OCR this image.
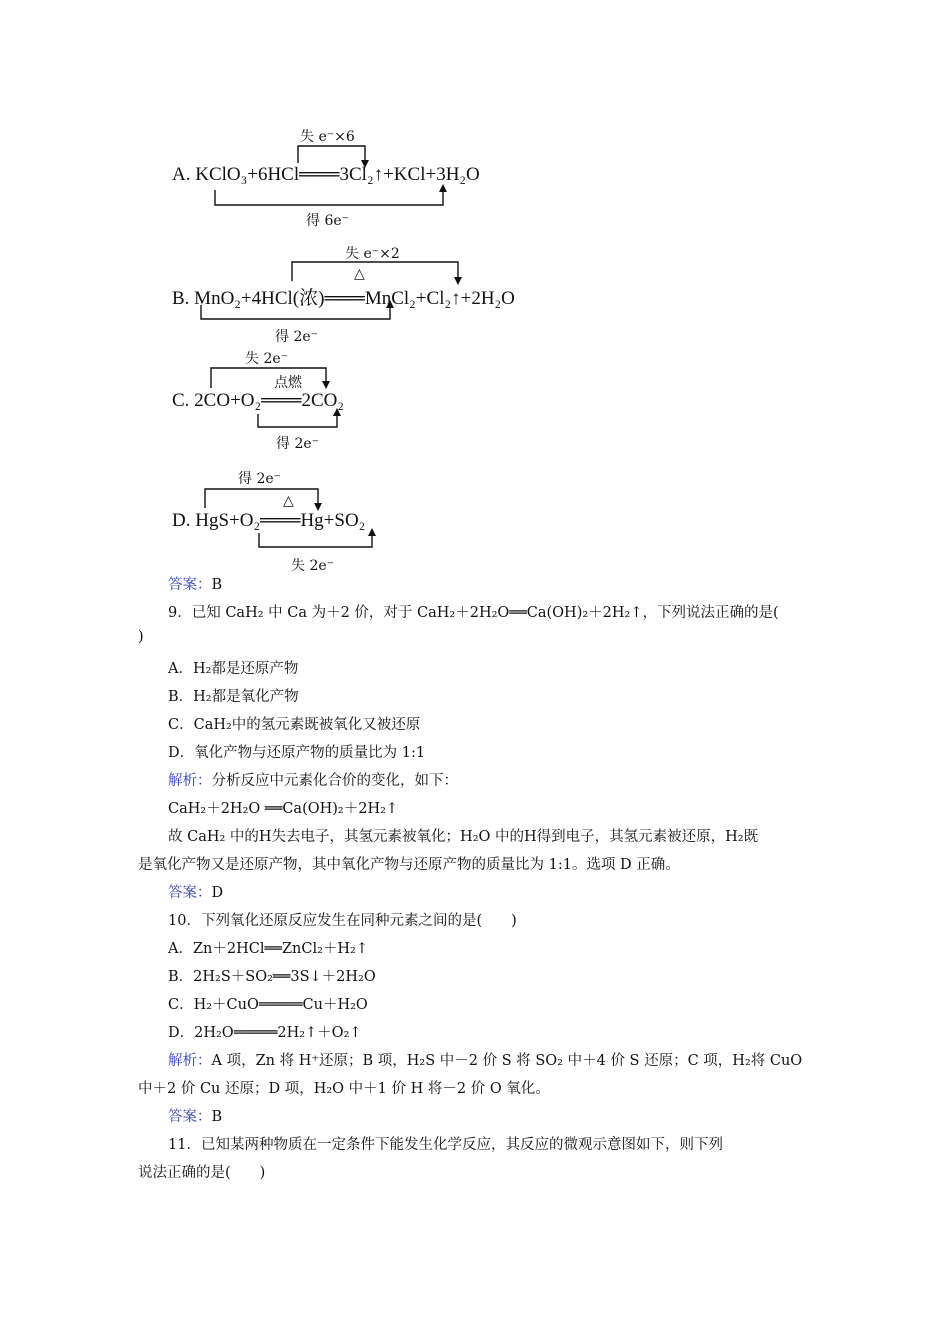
失 e⁻×6
A. KClO₃+6HCl═══3Cl₂↑+KCl+3H₂O
得 6e⁻
失 e⁻×2
△
B. MnO₂+4HCl(浓)═══MnCl₂+Cl₂↑+2H₂O
得 2e⁻
失 2e⁻
点燃
C. 2CO+O₂═══2CO₂
得 2e⁻
得 2e⁻
△
D. HgS+O₂═══Hg+SO₂
失 2e⁻
答案：B
9．已知 CaH₂ 中 Ca 为＋2 价，对于 CaH₂＋2H₂O══Ca(OH)₂＋2H₂↑，下列说法正确的是(
)
A．H₂都是还原产物
B．H₂都是氧化产物
C．CaH₂中的氢元素既被氧化又被还原
D．氧化产物与还原产物的质量比为 1:1
解析：分析反应中元素化合价的变化，如下：
CaH₂＋2H₂O ══Ca(OH)₂＋2H₂↑
故 CaH₂ 中的H失去电子，其氢元素被氧化；H₂O 中的H得到电子，其氢元素被还原，H₂既
是氧化产物又是还原产物，其中氧化产物与还原产物的质量比为 1:1。选项 D 正确。
答案：D
10．下列氧化还原反应发生在同种元素之间的是(　　)
A．Zn＋2HCl══ZnCl₂＋H₂↑
B．2H₂S＋SO₂══3S↓＋2H₂O
C．H₂＋CuO═════Cu＋H₂O
D．2H₂O═════2H₂↑＋O₂↑
解析：A 项，Zn 将 H⁺还原；B 项，H₂S 中－2 价 S 将 SO₂ 中＋4 价 S 还原；C 项，H₂将 CuO
中＋2 价 Cu 还原；D 项，H₂O 中＋1 价 H 将－2 价 O 氧化。
答案：B
11．已知某两种物质在一定条件下能发生化学反应，其反应的微观示意图如下，则下列
说法正确的是(　　)
